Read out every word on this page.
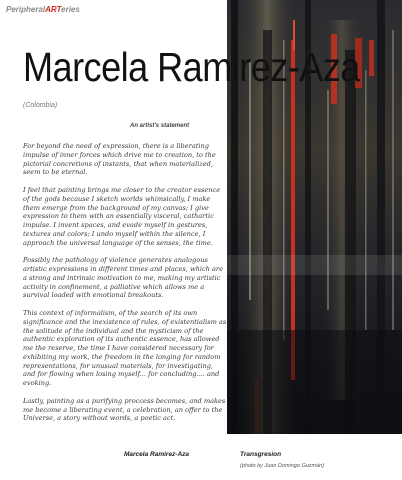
PeripheralARTeries
Marcela Ramirez-Aza
(Colombia)
An artist's statement

For beyond the need of expression, there is a liberating impulse of inner forces which drive me to creation, to the pictorial concretions of instants, that when materialized, seem to be eternal.

I feel that painting brings me closer to the creator essence of the gods because I sketch worlds whimsically, I make them emerge from the background of my canvas; I give expression to them with an essentially visceral, cathartic impulse. I invent spaces, and evade myself in gestures, textures and colors; I undo myself within the silence, I approach the universal language of the senses, the time.

Possibly the pathology of violence generates analogous artistic expressions in different times and places, which are a strong and intrinsic motivation to me, making my artistic activity in confinement, a palliative which allows me a survival loaded with emotional breakouts.

This context of informalism, of the search of its own significance and the inexistence of rules, of existentialism as the solitude of the individual and the mysticism of the authentic exploration of its authentic essence, has allowed me the reserve, the time I have considered necessary for exhibiting my work, the freedom in the longing for random representations, for unusual materials, for investigating, and for flowing when losing myself... for concluding.... and evoking.

Lastly, painting as a purifying proccess becomes, and makes me become a liberating event, a celebration, an offer to the Universe, a story without words, a poetic act.

Marcela Ramirez-Aza	Transgresion
(photo by Juan Domingo Guzmán)
